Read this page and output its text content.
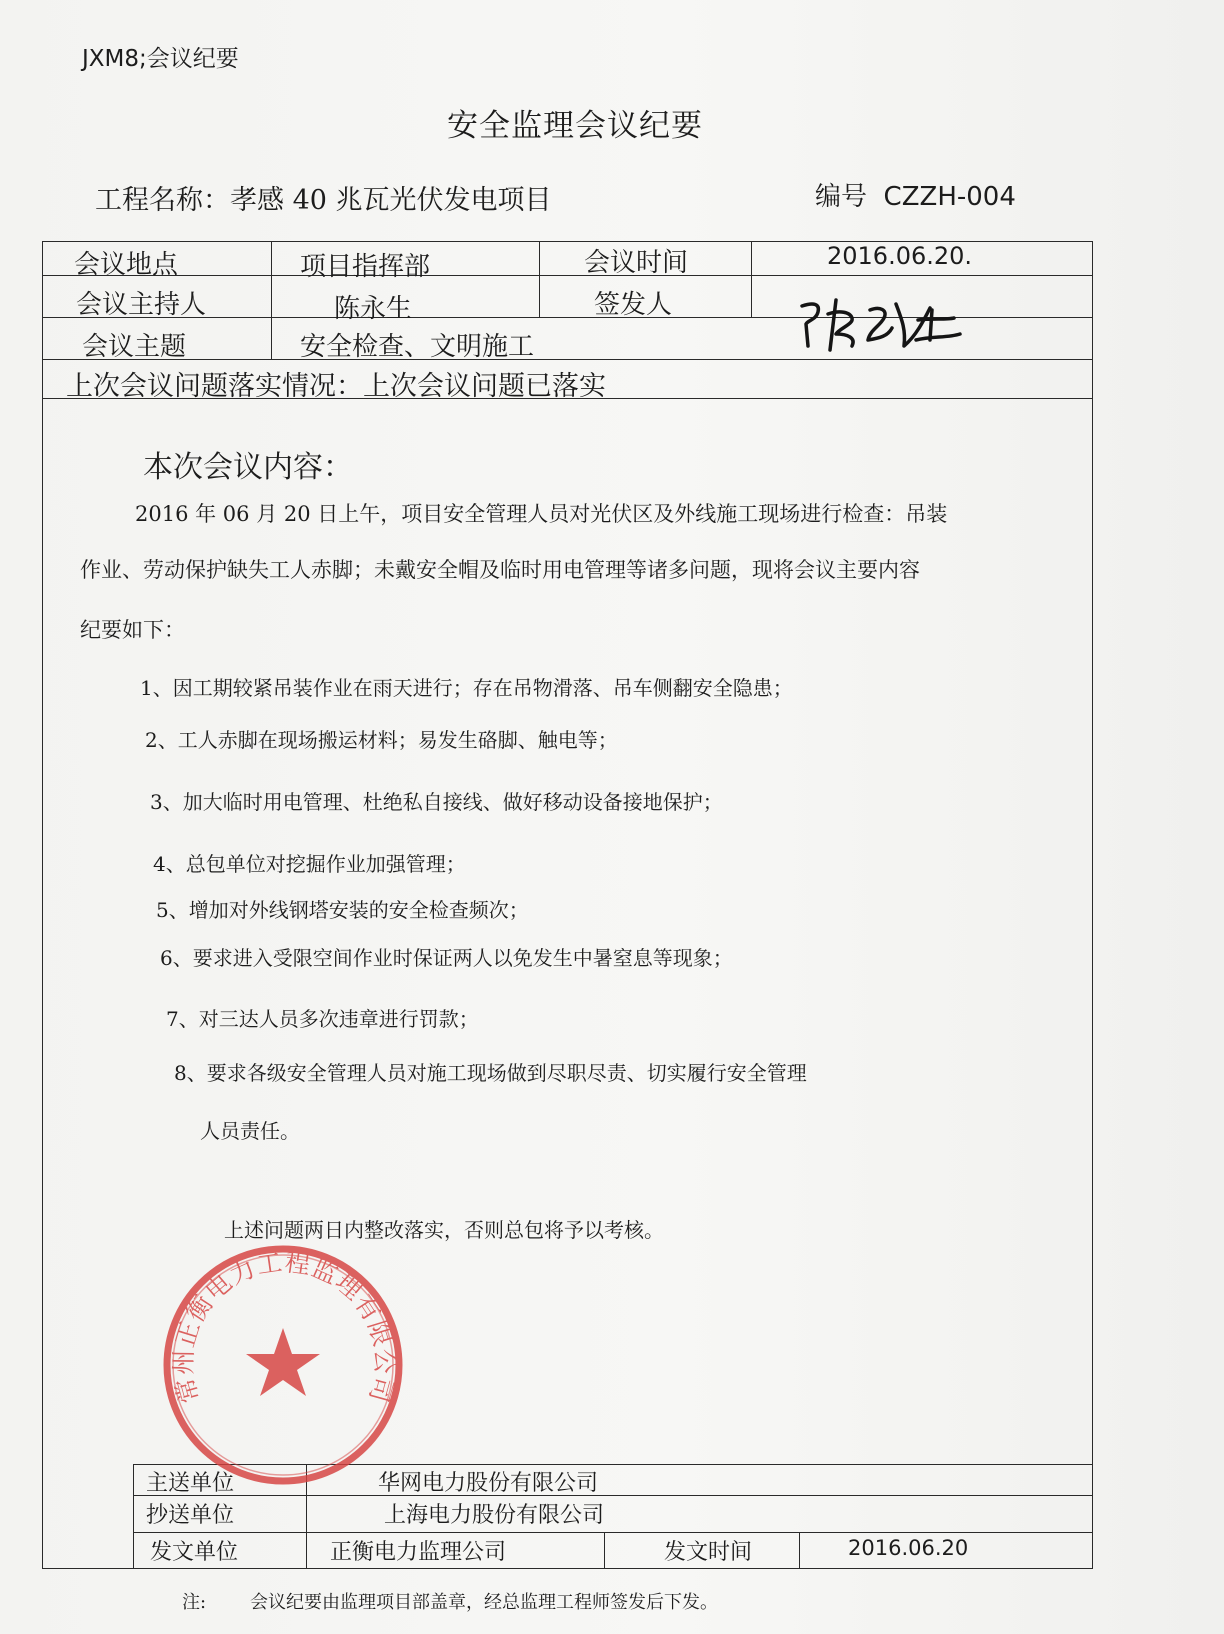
JXM8;会议纪要
安全监理会议纪要
工程名称：孝感 40 兆瓦光伏发电项目	编号 CZZH-004
会议地点	项目指挥部	会议时间	2016.06.20.
会议主持人	陈永生	签发人
会议主题	安全检查、文明施工
上次会议问题落实情况：上次会议问题已落实
本次会议内容：
2016 年 06 月 20 日上午，项目安全管理人员对光伏区及外线施工现场进行检查：吊装
作业、劳动保护缺失工人赤脚；未戴安全帽及临时用电管理等诸多问题，现将会议主要内容
纪要如下：
1、因工期较紧吊装作业在雨天进行；存在吊物滑落、吊车侧翻安全隐患；
2、工人赤脚在现场搬运材料；易发生硌脚、触电等；
3、加大临时用电管理、杜绝私自接线、做好移动设备接地保护；
4、总包单位对挖掘作业加强管理；
5、增加对外线钢塔安装的安全检查频次；
6、要求进入受限空间作业时保证两人以免发生中暑窒息等现象；
7、对三达人员多次违章进行罚款；
8、要求各级安全管理人员对施工现场做到尽职尽责、切实履行安全管理
人员责任。
上述问题两日内整改落实，否则总包将予以考核。
常州正衡电力工程监理有限公司
主送单位	华网电力股份有限公司
抄送单位	上海电力股份有限公司
发文单位	正衡电力监理公司	发文时间	2016.06.20
注: 会议纪要由监理项目部盖章，经总监理工程师签发后下发。
